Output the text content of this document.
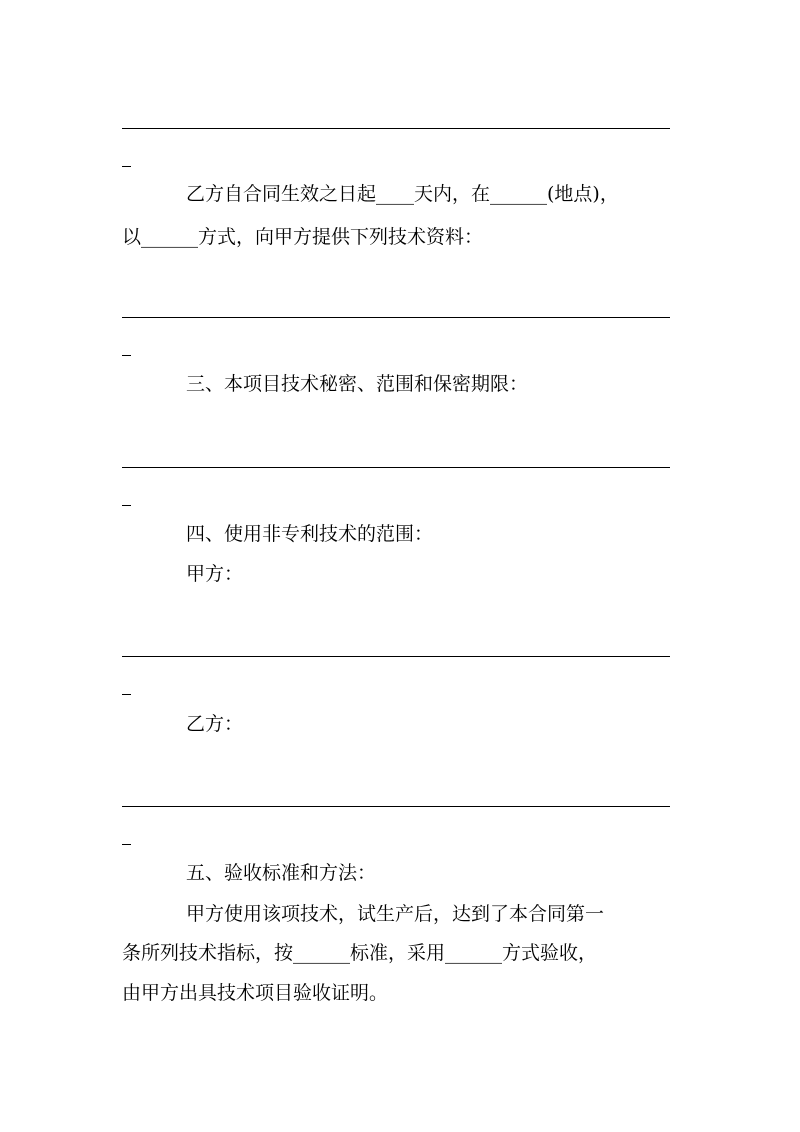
乙方自合同生效之日起____天内，在______(地点)，
以______方式，向甲方提供下列技术资料：
三、本项目技术秘密、范围和保密期限：
四、使用非专利技术的范围：
甲方：
乙方：
五、验收标准和方法：
甲方使用该项技术，试生产后，达到了本合同第一
条所列技术指标，按______标准，采用______方式验收，
由甲方出具技术项目验收证明。
